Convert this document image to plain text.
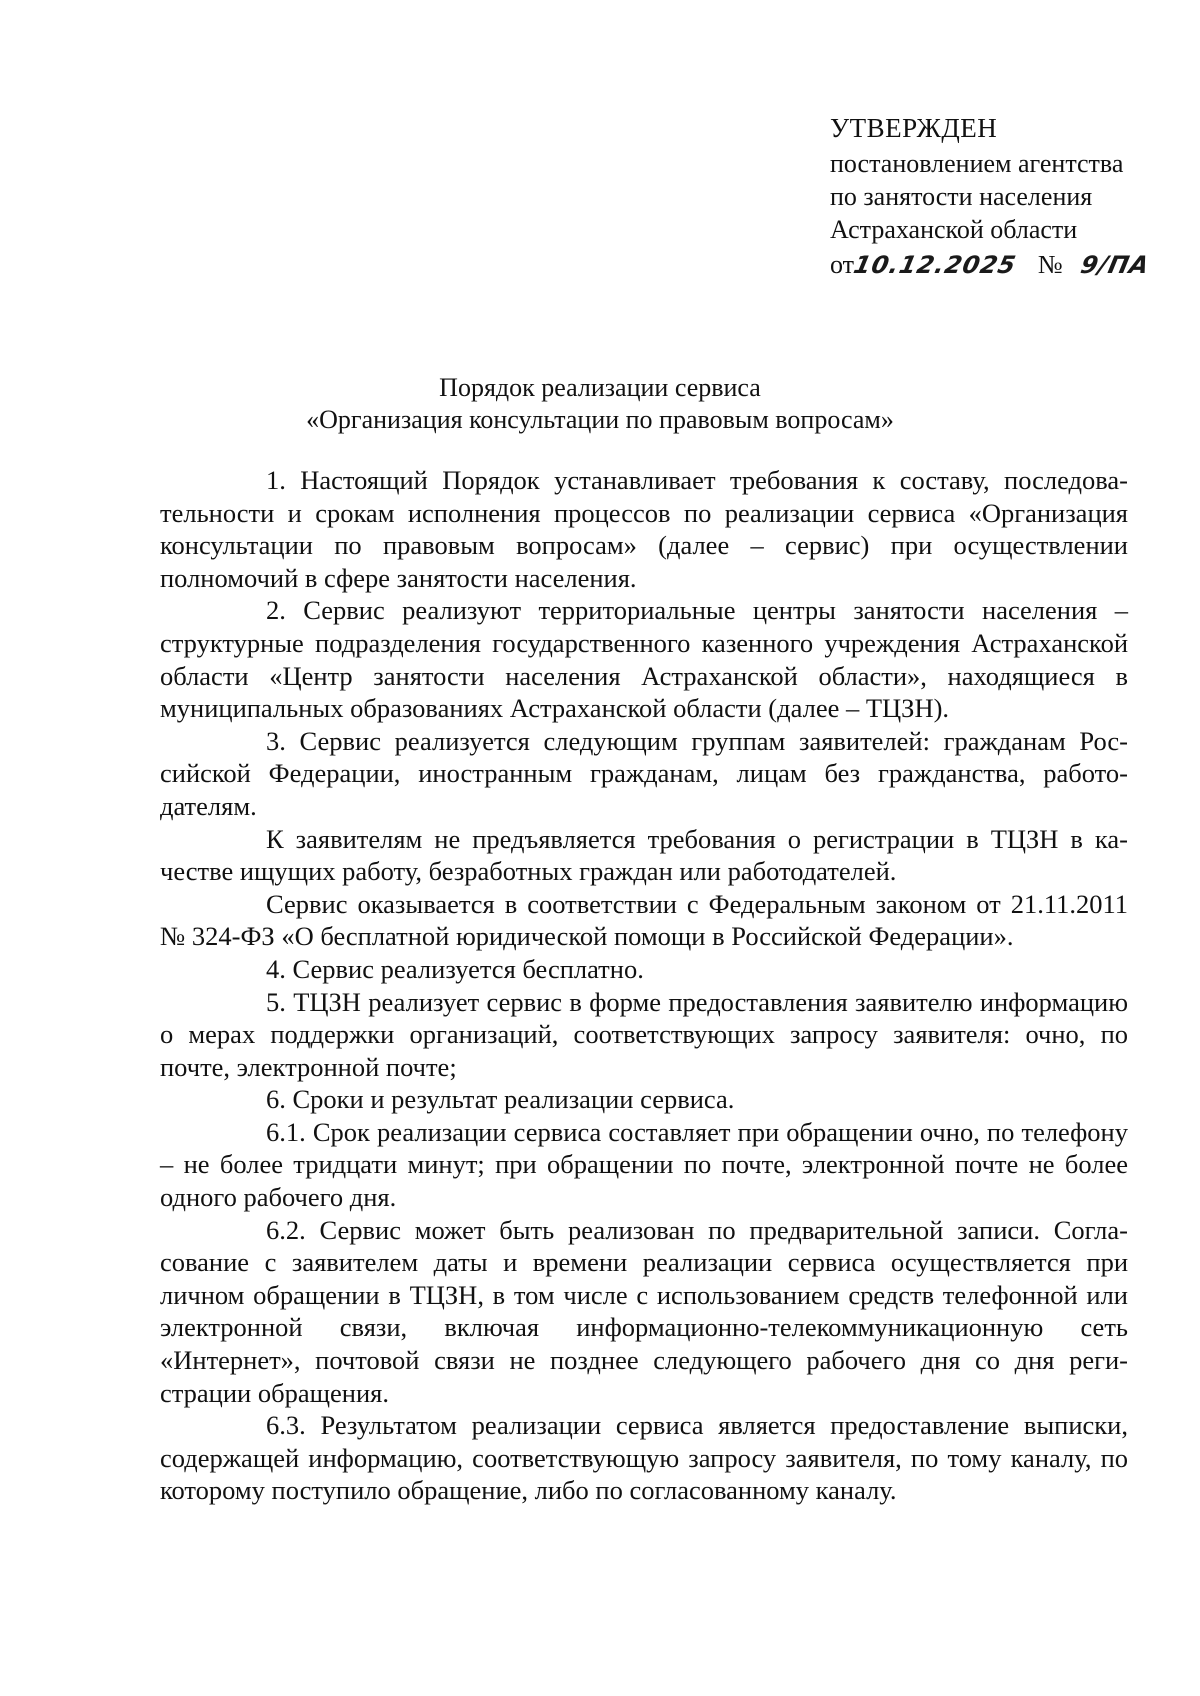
УТВЕРЖДЕН
постановлением агентства
по занятости населения
Астраханской области
от10.12.2025 № 9/ПА
Порядок реализации сервиса
«Организация консультации по правовым вопросам»

1. Настоящий Порядок устанавливает требования к составу, последовательности и срокам исполнения процессов по реализации сервиса «Организация консультации по правовым вопросам» (далее – сервис) при осуществлении полномочий в сфере занятости населения.

2. Сервис реализуют территориальные центры занятости населения – структурные подразделения государственного казенного учреждения Астраханской области «Центр занятости населения Астраханской области», находящиеся в муниципальных образованиях Астраханской области (далее – ТЦЗН).

3. Сервис реализуется следующим группам заявителей: гражданам Российской Федерации, иностранным гражданам, лицам без гражданства, работодателям.

К заявителям не предъявляется требования о регистрации в ТЦЗН в качестве ищущих работу, безработных граждан или работодателей.

Сервис оказывается в соответствии с Федеральным законом от 21.11.2011 № 324-ФЗ «О бесплатной юридической помощи в Российской Федерации».

4. Сервис реализуется бесплатно.

5. ТЦЗН реализует сервис в форме предоставления заявителю информацию о мерах поддержки организаций, соответствующих запросу заявителя: очно, по почте, электронной почте;

6. Сроки и результат реализации сервиса.

6.1. Срок реализации сервиса составляет при обращении очно, по телефону – не более тридцати минут; при обращении по почте, электронной почте не более одного рабочего дня.

6.2. Сервис может быть реализован по предварительной записи. Согласование с заявителем даты и времени реализации сервиса осуществляется при личном обращении в ТЦЗН, в том числе с использованием средств телефонной или электронной связи, включая информационно-телекоммуникационную сеть «Интернет», почтовой связи не позднее следующего рабочего дня со дня регистрации обращения.

6.3. Результатом реализации сервиса является предоставление выписки, содержащей информацию, соответствующую запросу заявителя, по тому каналу, по которому поступило обращение, либо по согласованному каналу.
